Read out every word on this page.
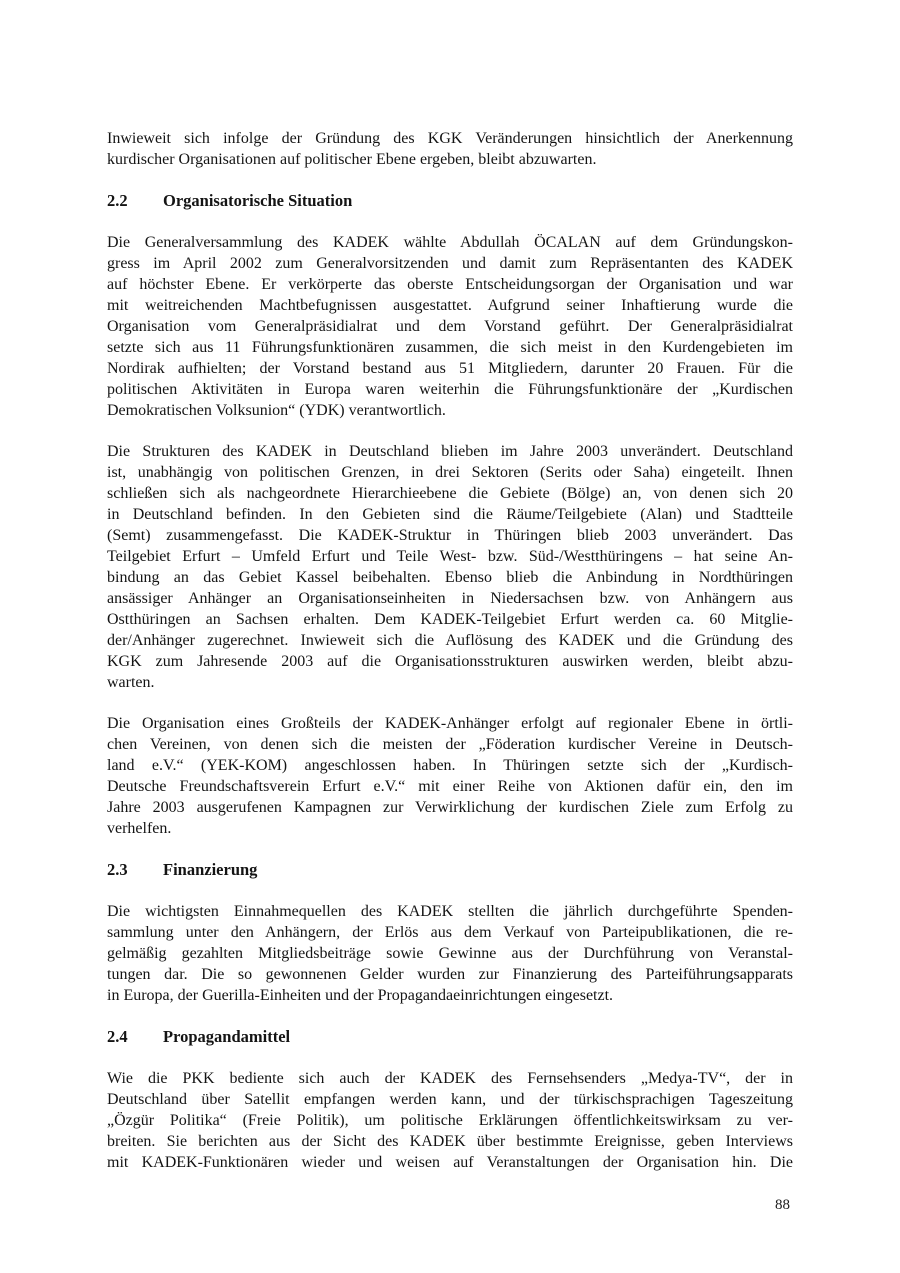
Inwieweit sich infolge der Gründung des KGK Veränderungen hinsichtlich der Anerkennung
kurdischer Organisationen auf politischer Ebene ergeben, bleibt abzuwarten.
2.2 Organisatorische Situation
Die Generalversammlung des KADEK wählte Abdullah ÖCALAN auf dem Gründungskon-
gress im April 2002 zum Generalvorsitzenden und damit zum Repräsentanten des KADEK
auf höchster Ebene. Er verkörperte das oberste Entscheidungsorgan der Organisation und war
mit weitreichenden Machtbefugnissen ausgestattet. Aufgrund seiner Inhaftierung wurde die
Organisation vom Generalpräsidialrat und dem Vorstand geführt. Der Generalpräsidialrat
setzte sich aus 11 Führungsfunktionären zusammen, die sich meist in den Kurdengebieten im
Nordirak aufhielten; der Vorstand bestand aus 51 Mitgliedern, darunter 20 Frauen. Für die
politischen Aktivitäten in Europa waren weiterhin die Führungsfunktionäre der „Kurdischen
Demokratischen Volksunion“ (YDK) verantwortlich.
Die Strukturen des KADEK in Deutschland blieben im Jahre 2003 unverändert. Deutschland
ist, unabhängig von politischen Grenzen, in drei Sektoren (Serits oder Saha) eingeteilt. Ihnen
schließen sich als nachgeordnete Hierarchieebene die Gebiete (Bölge) an, von denen sich 20
in Deutschland befinden. In den Gebieten sind die Räume/Teilgebiete (Alan) und Stadtteile
(Semt) zusammengefasst. Die KADEK-Struktur in Thüringen blieb 2003 unverändert. Das
Teilgebiet Erfurt – Umfeld Erfurt und Teile West- bzw. Süd-/Westthüringens – hat seine An-
bindung an das Gebiet Kassel beibehalten. Ebenso blieb die Anbindung in Nordthüringen
ansässiger Anhänger an Organisationseinheiten in Niedersachsen bzw. von Anhängern aus
Ostthüringen an Sachsen erhalten. Dem KADEK-Teilgebiet Erfurt werden ca. 60 Mitglie-
der/Anhänger zugerechnet. Inwieweit sich die Auflösung des KADEK und die Gründung des
KGK zum Jahresende 2003 auf die Organisationsstrukturen auswirken werden, bleibt abzu-
warten.
Die Organisation eines Großteils der KADEK-Anhänger erfolgt auf regionaler Ebene in örtli-
chen Vereinen, von denen sich die meisten der „Föderation kurdischer Vereine in Deutsch-
land e.V.“ (YEK-KOM) angeschlossen haben. In Thüringen setzte sich der „Kurdisch-
Deutsche Freundschaftsverein Erfurt e.V.“ mit einer Reihe von Aktionen dafür ein, den im
Jahre 2003 ausgerufenen Kampagnen zur Verwirklichung der kurdischen Ziele zum Erfolg zu
verhelfen.
2.3 Finanzierung
Die wichtigsten Einnahmequellen des KADEK stellten die jährlich durchgeführte Spenden-
sammlung unter den Anhängern, der Erlös aus dem Verkauf von Parteipublikationen, die re-
gelmäßig gezahlten Mitgliedsbeiträge sowie Gewinne aus der Durchführung von Veranstal-
tungen dar. Die so gewonnenen Gelder wurden zur Finanzierung des Parteiführungsapparats
in Europa, der Guerilla-Einheiten und der Propagandaeinrichtungen eingesetzt.
2.4 Propagandamittel
Wie die PKK bediente sich auch der KADEK des Fernsehsenders „Medya-TV“, der in
Deutschland über Satellit empfangen werden kann, und der türkischsprachigen Tageszeitung
„Özgür Politika“ (Freie Politik), um politische Erklärungen öffentlichkeitswirksam zu ver-
breiten. Sie berichten aus der Sicht des KADEK über bestimmte Ereignisse, geben Interviews
mit KADEK-Funktionären wieder und weisen auf Veranstaltungen der Organisation hin. Die
88
